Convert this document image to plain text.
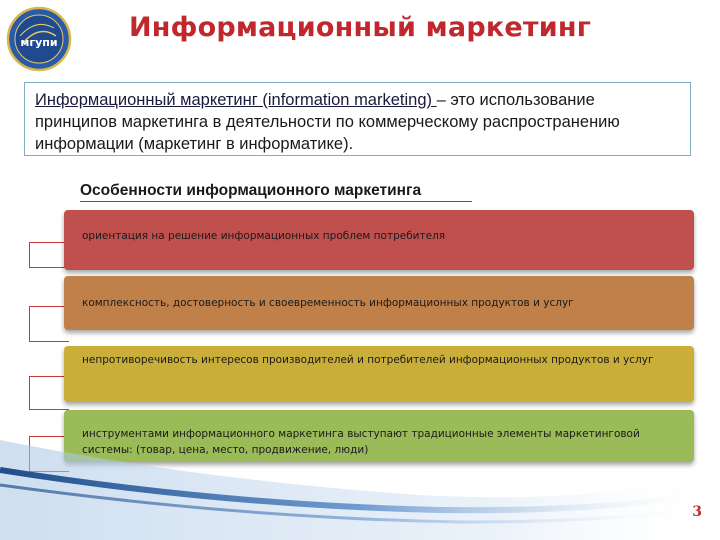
мгупи	Информационный маркетинг
Информационный маркетинг (information marketing) – это использование принципов маркетинга в деятельности по коммерческому распространению информации (маркетинг в информатике).
Особенности информационного маркетинга
ориентация на решение информационных проблем потребителя
комплексность, достоверность и своевременность информационных продуктов и услуг
непротиворечивость интересов производителей и потребителей информационных продуктов и услуг
инструментами информационного маркетинга выступают традиционные элементы маркетинговой системы: (товар, цена, место, продвижение, люди)
3
